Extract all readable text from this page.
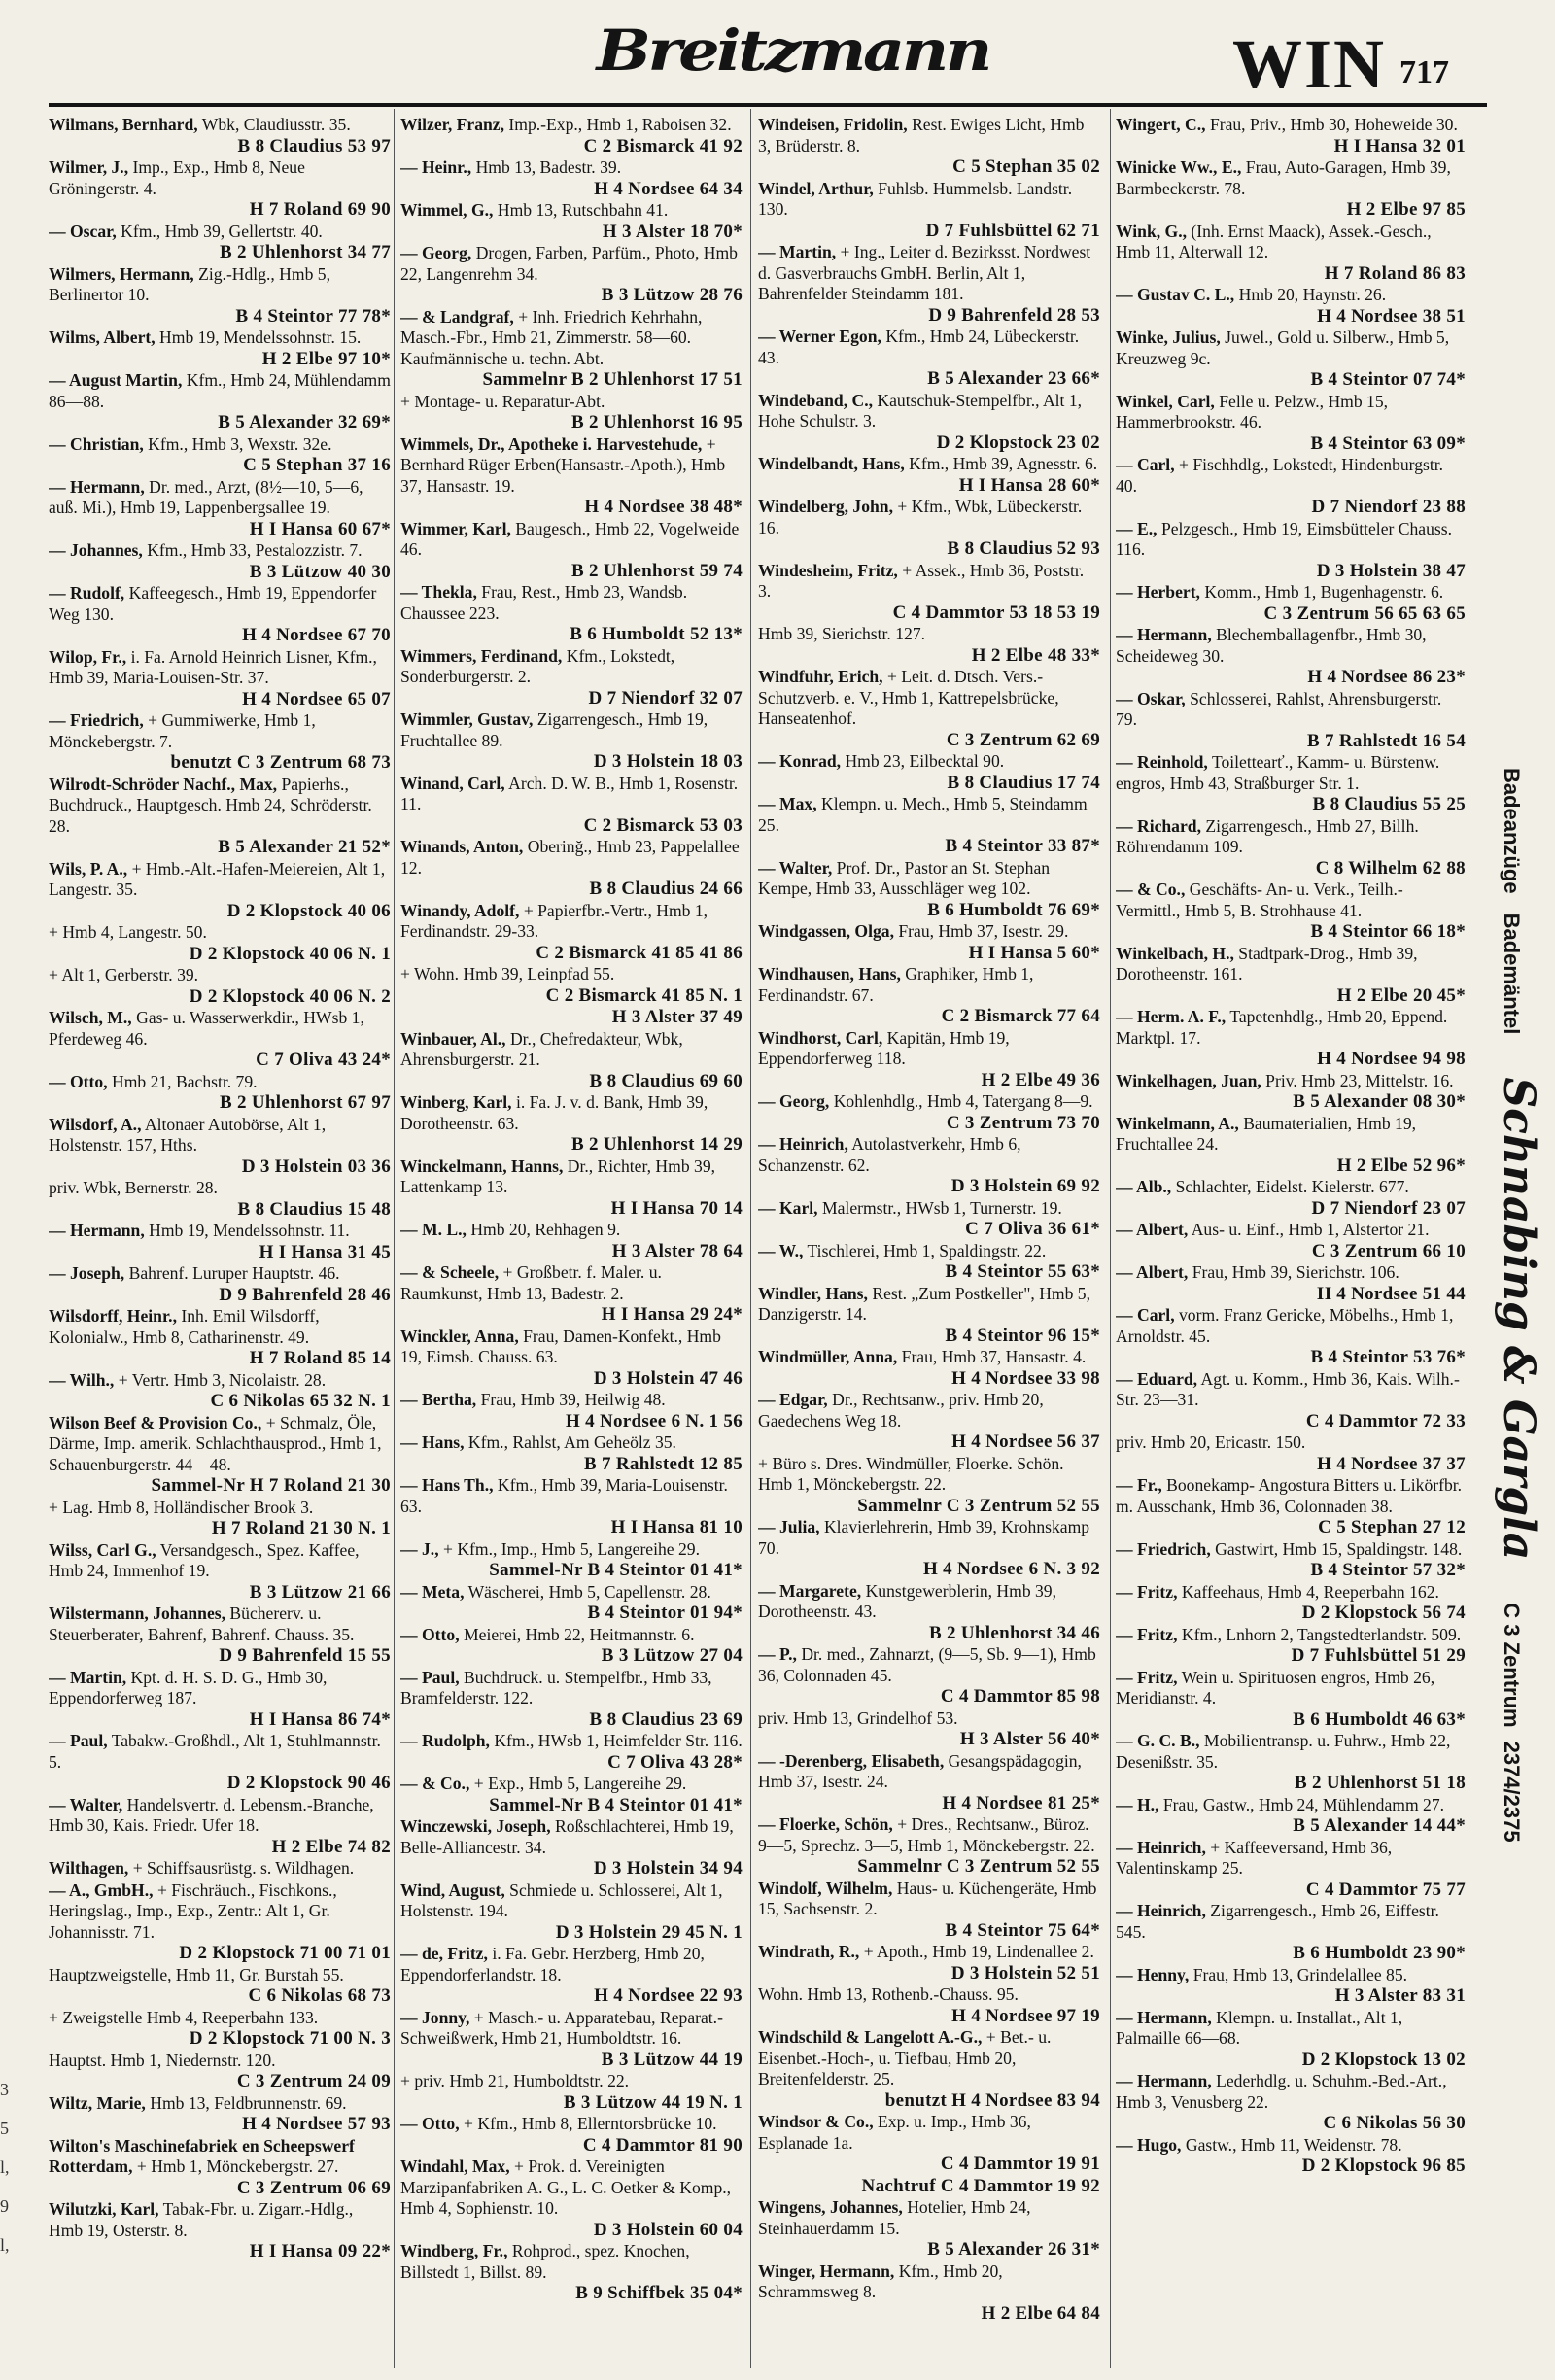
Breitzmann	WIN 717

Wilmans, Bernhard, Wbk, Claudiusstr. 35.

B 8 Claudius 53 97

Wilmer, J., Imp., Exp., Hmb 8, Neue Gröningerstr. 4.

H 7 Roland 69 90

— Oscar, Kfm., Hmb 39, Gellertstr. 40.

B 2 Uhlenhorst 34 77

Wilmers, Hermann, Zig.-Hdlg., Hmb 5, Berlinertor 10.

B 4 Steintor 77 78*

Wilms, Albert, Hmb 19, Mendelssohnstr. 15.

H 2 Elbe 97 10*

— August Martin, Kfm., Hmb 24, Mühlendamm 86—88.

B 5 Alexander 32 69*

— Christian, Kfm., Hmb 3, Wexstr. 32e.

C 5 Stephan 37 16

— Hermann, Dr. med., Arzt, (8½—10, 5—6, auß. Mi.), Hmb 19, Lappenbergsallee 19.

H I Hansa 60 67*

— Johannes, Kfm., Hmb 33, Pestalozzistr. 7.

B 3 Lützow 40 30

— Rudolf, Kaffeegesch., Hmb 19, Eppendorfer Weg 130.

H 4 Nordsee 67 70

Wilop, Fr., i. Fa. Arnold Heinrich Lisner, Kfm., Hmb 39, Maria-Louisen-Str. 37.

H 4 Nordsee 65 07

— Friedrich, + Gummiwerke, Hmb 1, Mönckebergstr. 7.

benutzt C 3 Zentrum 68 73

Wilrodt-Schröder Nachf., Max, Papierhs., Buchdruck., Hauptgesch. Hmb 24, Schröderstr. 28.

B 5 Alexander 21 52*

Wils, P. A., + Hmb.-Alt.-Hafen-Meiereien, Alt 1, Langestr. 35.

D 2 Klopstock 40 06

+ Hmb 4, Langestr. 50.

D 2 Klopstock 40 06 N. 1

+ Alt 1, Gerberstr. 39.

D 2 Klopstock 40 06 N. 2

Wilsch, M., Gas- u. Wasserwerkdir., HWsb 1, Pferdeweg 46.

C 7 Oliva 43 24*

— Otto, Hmb 21, Bachstr. 79.

B 2 Uhlenhorst 67 97

Wilsdorf, A., Altonaer Autobörse, Alt 1, Holstenstr. 157, Hths.

D 3 Holstein 03 36

priv. Wbk, Bernerstr. 28.

B 8 Claudius 15 48

— Hermann, Hmb 19, Mendelssohnstr. 11.

H I Hansa 31 45

— Joseph, Bahrenf. Luruper Hauptstr. 46.

D 9 Bahrenfeld 28 46

Wilsdorff, Heinr., Inh. Emil Wilsdorff, Kolonialw., Hmb 8, Catharinenstr. 49.

H 7 Roland 85 14

— Wilh., + Vertr. Hmb 3, Nicolaistr. 28.

C 6 Nikolas 65 32 N. 1

Wilson Beef & Provision Co., + Schmalz, Öle, Därme, Imp. amerik. Schlachthausprod., Hmb 1, Schauenburgerstr. 44—48.

Sammel-Nr H 7 Roland 21 30

+ Lag. Hmb 8, Holländischer Brook 3.

H 7 Roland 21 30 N. 1

Wilss, Carl G., Versandgesch., Spez. Kaffee, Hmb 24, Immenhof 19.

B 3 Lützow 21 66

Wilstermann, Johannes, Büchererv. u. Steuerberater, Bahrenf, Bahrenf. Chauss. 35.

D 9 Bahrenfeld 15 55

— Martin, Kpt. d. H. S. D. G., Hmb 30, Eppendorferweg 187.

H I Hansa 86 74*

— Paul, Tabakw.-Großhdl., Alt 1, Stuhlmannstr. 5.

D 2 Klopstock 90 46

— Walter, Handelsvertr. d. Lebensm.-Branche, Hmb 30, Kais. Friedr. Ufer 18.

H 2 Elbe 74 82

Wilthagen, + Schiffsausrüstg. s. Wildhagen.

— A., GmbH., + Fischräuch., Fischkons., Heringslag., Imp., Exp., Zentr.: Alt 1, Gr. Johannisstr. 71.

D 2 Klopstock 71 00 71 01

Hauptzweigstelle, Hmb 11, Gr. Burstah 55.

C 6 Nikolas 68 73

+ Zweigstelle Hmb 4, Reeperbahn 133.

D 2 Klopstock 71 00 N. 3

Hauptst. Hmb 1, Niedernstr. 120.

C 3 Zentrum 24 09

Wiltz, Marie, Hmb 13, Feldbrunnenstr. 69.

H 4 Nordsee 57 93

Wilton's Maschinefabriek en Scheepswerf Rotterdam, + Hmb 1, Mönckebergstr. 27.

C 3 Zentrum 06 69

Wilutzki, Karl, Tabak-Fbr. u. Zigarr.-Hdlg., Hmb 19, Osterstr. 8.

H I Hansa 09 22*

Wilzer, Franz, Imp.-Exp., Hmb 1, Raboisen 32.

C 2 Bismarck 41 92

— Heinr., Hmb 13, Badestr. 39.

H 4 Nordsee 64 34

Wimmel, G., Hmb 13, Rutschbahn 41.

H 3 Alster 18 70*

— Georg, Drogen, Farben, Parfüm., Photo, Hmb 22, Langenrehm 34.

B 3 Lützow 28 76

— & Landgraf, + Inh. Friedrich Kehrhahn, Masch.-Fbr., Hmb 21, Zimmerstr. 58—60. Kaufmännische u. techn. Abt.

Sammelnr B 2 Uhlenhorst 17 51

+ Montage- u. Reparatur-Abt.

B 2 Uhlenhorst 16 95

Wimmels, Dr., Apotheke i. Harvestehude, + Bernhard Rüger Erben(Hansastr.-Apoth.), Hmb 37, Hansastr. 19.

H 4 Nordsee 38 48*

Wimmer, Karl, Baugesch., Hmb 22, Vogelweide 46.

B 2 Uhlenhorst 59 74

— Thekla, Frau, Rest., Hmb 23, Wandsb. Chaussee 223.

B 6 Humboldt 52 13*

Wimmers, Ferdinand, Kfm., Lokstedt, Sonderburgerstr. 2.

D 7 Niendorf 32 07

Wimmler, Gustav, Zigarrengesch., Hmb 19, Fruchtallee 89.

D 3 Holstein 18 03

Winand, Carl, Arch. D. W. B., Hmb 1, Rosenstr. 11.

C 2 Bismarck 53 03

Winands, Anton, Oberinğ., Hmb 23, Pappelallee 12.

B 8 Claudius 24 66

Winandy, Adolf, + Papierfbr.-Vertr., Hmb 1, Ferdinandstr. 29-33.

C 2 Bismarck 41 85 41 86

+ Wohn. Hmb 39, Leinpfad 55.

C 2 Bismarck 41 85 N. 1

H 3 Alster 37 49

Winbauer, Al., Dr., Chefredakteur, Wbk, Ahrensburgerstr. 21.

B 8 Claudius 69 60

Winberg, Karl, i. Fa. J. v. d. Bank, Hmb 39, Dorotheenstr. 63.

B 2 Uhlenhorst 14 29

Winckelmann, Hanns, Dr., Richter, Hmb 39, Lattenkamp 13.

H I Hansa 70 14

— M. L., Hmb 20, Rehhagen 9.

H 3 Alster 78 64

— & Scheele, + Großbetr. f. Maler. u. Raumkunst, Hmb 13, Badestr. 2.

H I Hansa 29 24*

Winckler, Anna, Frau, Damen-Konfekt., Hmb 19, Eimsb. Chauss. 63.

D 3 Holstein 47 46

— Bertha, Frau, Hmb 39, Heilwig 48.

H 4 Nordsee 6 N. 1 56

— Hans, Kfm., Rahlst, Am Geheölz 35.

B 7 Rahlstedt 12 85

— Hans Th., Kfm., Hmb 39, Maria-Louisenstr. 63.

H I Hansa 81 10

— J., + Kfm., Imp., Hmb 5, Langereihe 29.

Sammel-Nr B 4 Steintor 01 41*

— Meta, Wäscherei, Hmb 5, Capellenstr. 28.

B 4 Steintor 01 94*

— Otto, Meierei, Hmb 22, Heitmannstr. 6.

B 3 Lützow 27 04

— Paul, Buchdruck. u. Stempelfbr., Hmb 33, Bramfelderstr. 122.

B 8 Claudius 23 69

— Rudolph, Kfm., HWsb 1, Heimfelder Str. 116.

C 7 Oliva 43 28*

— & Co., + Exp., Hmb 5, Langereihe 29.

Sammel-Nr B 4 Steintor 01 41*

Winczewski, Joseph, Roßschlachterei, Hmb 19, Belle-Alliancestr. 34.

D 3 Holstein 34 94

Wind, August, Schmiede u. Schlosserei, Alt 1, Holstenstr. 194.

D 3 Holstein 29 45 N. 1

— de, Fritz, i. Fa. Gebr. Herzberg, Hmb 20, Eppendorferlandstr. 18.

H 4 Nordsee 22 93

— Jonny, + Masch.- u. Apparatebau, Reparat.-Schweißwerk, Hmb 21, Humboldtstr. 16.

B 3 Lützow 44 19

+ priv. Hmb 21, Humboldtstr. 22.

B 3 Lützow 44 19 N. 1

— Otto, + Kfm., Hmb 8, Ellerntorsbrücke 10.

C 4 Dammtor 81 90

Windahl, Max, + Prok. d. Vereinigten Marzipanfabriken A. G., L. C. Oetker & Komp., Hmb 4, Sophienstr. 10.

D 3 Holstein 60 04

Windberg, Fr., Rohprod., spez. Knochen, Billstedt 1, Billst. 89.

B 9 Schiffbek 35 04*

Windeisen, Fridolin, Rest. Ewiges Licht, Hmb 3, Brüderstr. 8.

C 5 Stephan 35 02

Windel, Arthur, Fuhlsb. Hummelsb. Landstr. 130.

D 7 Fuhlsbüttel 62 71

— Martin, + Ing., Leiter d. Bezirksst. Nordwest d. Gasverbrauchs GmbH. Berlin, Alt 1, Bahrenfelder Steindamm 181.

D 9 Bahrenfeld 28 53

— Werner Egon, Kfm., Hmb 24, Lübeckerstr. 43.

B 5 Alexander 23 66*

Windeband, C., Kautschuk-Stempelfbr., Alt 1, Hohe Schulstr. 3.

D 2 Klopstock 23 02

Windelbandt, Hans, Kfm., Hmb 39, Agnesstr. 6.

H I Hansa 28 60*

Windelberg, John, + Kfm., Wbk, Lübeckerstr. 16.

B 8 Claudius 52 93

Windesheim, Fritz, + Assek., Hmb 36, Poststr. 3.

C 4 Dammtor 53 18 53 19

Hmb 39, Sierichstr. 127.

H 2 Elbe 48 33*

Windfuhr, Erich, + Leit. d. Dtsch. Vers.-Schutzverb. e. V., Hmb 1, Kattrepelsbrücke, Hanseatenhof.

C 3 Zentrum 62 69

— Konrad, Hmb 23, Eilbecktal 90.

B 8 Claudius 17 74

— Max, Klempn. u. Mech., Hmb 5, Steindamm 25.

B 4 Steintor 33 87*

— Walter, Prof. Dr., Pastor an St. Stephan Kempe, Hmb 33, Ausschläger weg 102.

B 6 Humboldt 76 69*

Windgassen, Olga, Frau, Hmb 37, Isestr. 29.

H I Hansa 5 60*

Windhausen, Hans, Graphiker, Hmb 1, Ferdinandstr. 67.

C 2 Bismarck 77 64

Windhorst, Carl, Kapitän, Hmb 19, Eppendorferweg 118.

H 2 Elbe 49 36

— Georg, Kohlenhdlg., Hmb 4, Tatergang 8—9.

C 3 Zentrum 73 70

— Heinrich, Autolastverkehr, Hmb 6, Schanzenstr. 62.

D 3 Holstein 69 92

— Karl, Malermstr., HWsb 1, Turnerstr. 19.

C 7 Oliva 36 61*

— W., Tischlerei, Hmb 1, Spaldingstr. 22.

B 4 Steintor 55 63*

Windler, Hans, Rest. „Zum Postkeller", Hmb 5, Danzigerstr. 14.

B 4 Steintor 96 15*

Windmüller, Anna, Frau, Hmb 37, Hansastr. 4.

H 4 Nordsee 33 98

— Edgar, Dr., Rechtsanw., priv. Hmb 20, Gaedechens Weg 18.

H 4 Nordsee 56 37

+ Büro s. Dres. Windmüller, Floerke. Schön. Hmb 1, Mönckebergstr. 22.

Sammelnr C 3 Zentrum 52 55

— Julia, Klavierlehrerin, Hmb 39, Krohnskamp 70.

H 4 Nordsee 6 N. 3 92

— Margarete, Kunstgewerblerin, Hmb 39, Dorotheenstr. 43.

B 2 Uhlenhorst 34 46

— P., Dr. med., Zahnarzt, (9—5, Sb. 9—1), Hmb 36, Colonnaden 45.

C 4 Dammtor 85 98

priv. Hmb 13, Grindelhof 53.

H 3 Alster 56 40*

— -Derenberg, Elisabeth, Gesangspädagogin, Hmb 37, Isestr. 24.

H 4 Nordsee 81 25*

— Floerke, Schön, + Dres., Rechtsanw., Büroz. 9—5, Sprechz. 3—5, Hmb 1, Mönckebergstr. 22.

Sammelnr C 3 Zentrum 52 55

Windolf, Wilhelm, Haus- u. Küchengeräte, Hmb 15, Sachsenstr. 2.

B 4 Steintor 75 64*

Windrath, R., + Apoth., Hmb 19, Lindenallee 2.

D 3 Holstein 52 51

Wohn. Hmb 13, Rothenb.-Chauss. 95.

H 4 Nordsee 97 19

Windschild & Langelott A.-G., + Bet.- u. Eisenbet.-Hoch-, u. Tiefbau, Hmb 20, Breitenfelderstr. 25.

benutzt H 4 Nordsee 83 94

Windsor & Co., Exp. u. Imp., Hmb 36, Esplanade 1a.

C 4 Dammtor 19 91

Nachtruf C 4 Dammtor 19 92

Wingens, Johannes, Hotelier, Hmb 24, Steinhauerdamm 15.

B 5 Alexander 26 31*

Winger, Hermann, Kfm., Hmb 20, Schrammsweg 8.

H 2 Elbe 64 84

Wingert, C., Frau, Priv., Hmb 30, Hoheweide 30.

H I Hansa 32 01

Winicke Ww., E., Frau, Auto-Garagen, Hmb 39, Barmbeckerstr. 78.

H 2 Elbe 97 85

Wink, G., (Inh. Ernst Maack), Assek.-Gesch., Hmb 11, Alterwall 12.

H 7 Roland 86 83

— Gustav C. L., Hmb 20, Haynstr. 26.

H 4 Nordsee 38 51

Winke, Julius, Juwel., Gold u. Silberw., Hmb 5, Kreuzweg 9c.

B 4 Steintor 07 74*

Winkel, Carl, Felle u. Pelzw., Hmb 15, Hammerbrookstr. 46.

B 4 Steintor 63 09*

— Carl, + Fischhdlg., Lokstedt, Hindenburgstr. 40.

D 7 Niendorf 23 88

— E., Pelzgesch., Hmb 19, Eimsbütteler Chauss. 116.

D 3 Holstein 38 47

— Herbert, Komm., Hmb 1, Bugenhagenstr. 6.

C 3 Zentrum 56 65 63 65

— Hermann, Blechemballagenfbr., Hmb 30, Scheideweg 30.

H 4 Nordsee 86 23*

— Oskar, Schlosserei, Rahlst, Ahrensburgerstr. 79.

B 7 Rahlstedt 16 54

— Reinhold, Toilettearť., Kamm- u. Bürstenw. engros, Hmb 43, Straßburger Str. 1.

B 8 Claudius 55 25

— Richard, Zigarrengesch., Hmb 27, Billh. Röhrendamm 109.

C 8 Wilhelm 62 88

— & Co., Geschäfts- An- u. Verk., Teilh.-Vermittl., Hmb 5, B. Strohhause 41.

B 4 Steintor 66 18*

Winkelbach, H., Stadtpark-Drog., Hmb 39, Dorotheenstr. 161.

H 2 Elbe 20 45*

— Herm. A. F., Tapetenhdlg., Hmb 20, Eppend. Marktpl. 17.

H 4 Nordsee 94 98

Winkelhagen, Juan, Priv. Hmb 23, Mittelstr. 16.

B 5 Alexander 08 30*

Winkelmann, A., Baumaterialien, Hmb 19, Fruchtallee 24.

H 2 Elbe 52 96*

— Alb., Schlachter, Eidelst. Kielerstr. 677.

D 7 Niendorf 23 07

— Albert, Aus- u. Einf., Hmb 1, Alstertor 21.

C 3 Zentrum 66 10

— Albert, Frau, Hmb 39, Sierichstr. 106.

H 4 Nordsee 51 44

— Carl, vorm. Franz Gericke, Möbelhs., Hmb 1, Arnoldstr. 45.

B 4 Steintor 53 76*

— Eduard, Agt. u. Komm., Hmb 36, Kais. Wilh.-Str. 23—31.

C 4 Dammtor 72 33

priv. Hmb 20, Ericastr. 150.

H 4 Nordsee 37 37

— Fr., Boonekamp- Angostura Bitters u. Likörfbr. m. Ausschank, Hmb 36, Colonnaden 38.

C 5 Stephan 27 12

— Friedrich, Gastwirt, Hmb 15, Spaldingstr. 148.

B 4 Steintor 57 32*

— Fritz, Kaffeehaus, Hmb 4, Reeperbahn 162.

D 2 Klopstock 56 74

— Fritz, Kfm., Lnhorn 2, Tangstedterlandstr. 509.

D 7 Fuhlsbüttel 51 29

— Fritz, Wein u. Spirituosen engros, Hmb 26, Meridianstr. 4.

B 6 Humboldt 46 63*

— G. C. B., Mobilientransp. u. Fuhrw., Hmb 22, Desenißstr. 35.

B 2 Uhlenhorst 51 18

— H., Frau, Gastw., Hmb 24, Mühlendamm 27.

B 5 Alexander 14 44*

— Heinrich, + Kaffeeversand, Hmb 36, Valentinskamp 25.

C 4 Dammtor 75 77

— Heinrich, Zigarrengesch., Hmb 26, Eiffestr. 545.

B 6 Humboldt 23 90*

— Henny, Frau, Hmb 13, Grindelallee 85.

H 3 Alster 83 31

— Hermann, Klempn. u. Installat., Alt 1, Palmaille 66—68.

D 2 Klopstock 13 02

— Hermann, Lederhdlg. u. Schuhm.-Bed.-Art., Hmb 3, Venusberg 22.

C 6 Nikolas 56 30

— Hugo, Gastw., Hmb 11, Weidenstr. 78.

D 2 Klopstock 96 85
Badeanzüge Bademäntel Schnabing & Gargla C 3 Zentrum 2374/2375
3
5
l,
9
l,
